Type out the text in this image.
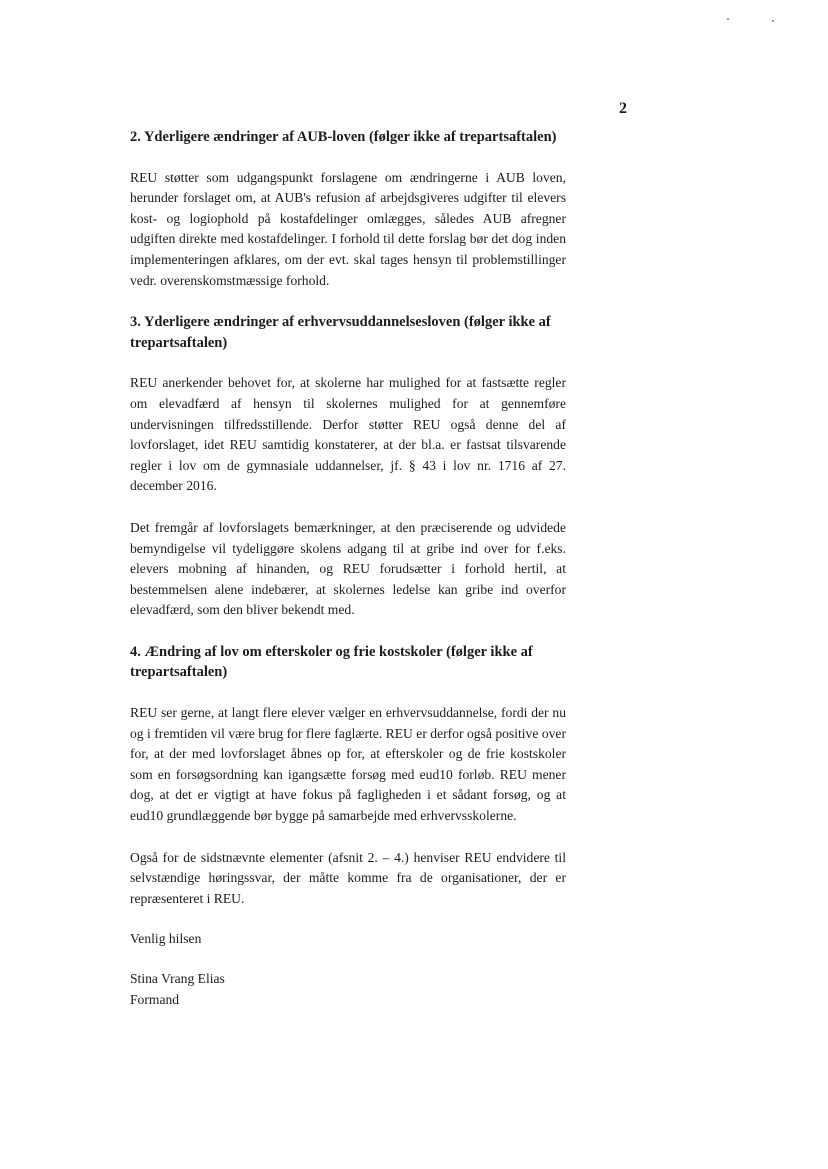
2
2. Yderligere ændringer af AUB-loven (følger ikke af trepartsaftalen)

REU støtter som udgangspunkt forslagene om ændringerne i AUB loven, herunder forslaget om, at AUB's refusion af arbejdsgiveres udgifter til elevers kost- og logiophold på kostafdelinger omlægges, således AUB afregner udgiften direkte med kostafdelinger. I forhold til dette forslag bør det dog inden implementeringen afklares, om der evt. skal tages hensyn til problemstillinger vedr. overenskomstmæssige forhold.

3. Yderligere ændringer af erhvervsuddannelsesloven (følger ikke af trepartsaftalen)

REU anerkender behovet for, at skolerne har mulighed for at fastsætte regler om elevadfærd af hensyn til skolernes mulighed for at gennemføre undervisningen tilfredsstillende. Derfor støtter REU også denne del af lovforslaget, idet REU samtidig konstaterer, at der bl.a. er fastsat tilsvarende regler i lov om de gymnasiale uddannelser, jf. § 43 i lov nr. 1716 af 27. december 2016.

Det fremgår af lovforslagets bemærkninger, at den præciserende og udvidede bemyndigelse vil tydeliggøre skolens adgang til at gribe ind over for f.eks. elevers mobning af hinanden, og REU forudsætter i forhold hertil, at bestemmelsen alene indebærer, at skolernes ledelse kan gribe ind overfor elevadfærd, som den bliver bekendt med.

4. Ændring af lov om efterskoler og frie kostskoler (følger ikke af trepartsaftalen)

REU ser gerne, at langt flere elever vælger en erhvervsuddannelse, fordi der nu og i fremtiden vil være brug for flere faglærte. REU er derfor også positive over for, at der med lovforslaget åbnes op for, at efterskoler og de frie kostskoler som en forsøgsordning kan igangsætte forsøg med eud10 forløb. REU mener dog, at det er vigtigt at have fokus på fagligheden i et sådant forsøg, og at eud10 grundlæggende bør bygge på samarbejde med erhvervsskolerne.

Også for de sidstnævnte elementer (afsnit 2. – 4.) henviser REU endvidere til selvstændige høringssvar, der måtte komme fra de organisationer, der er repræsenteret i REU.

Venlig hilsen

Stina Vrang Elias

Formand
